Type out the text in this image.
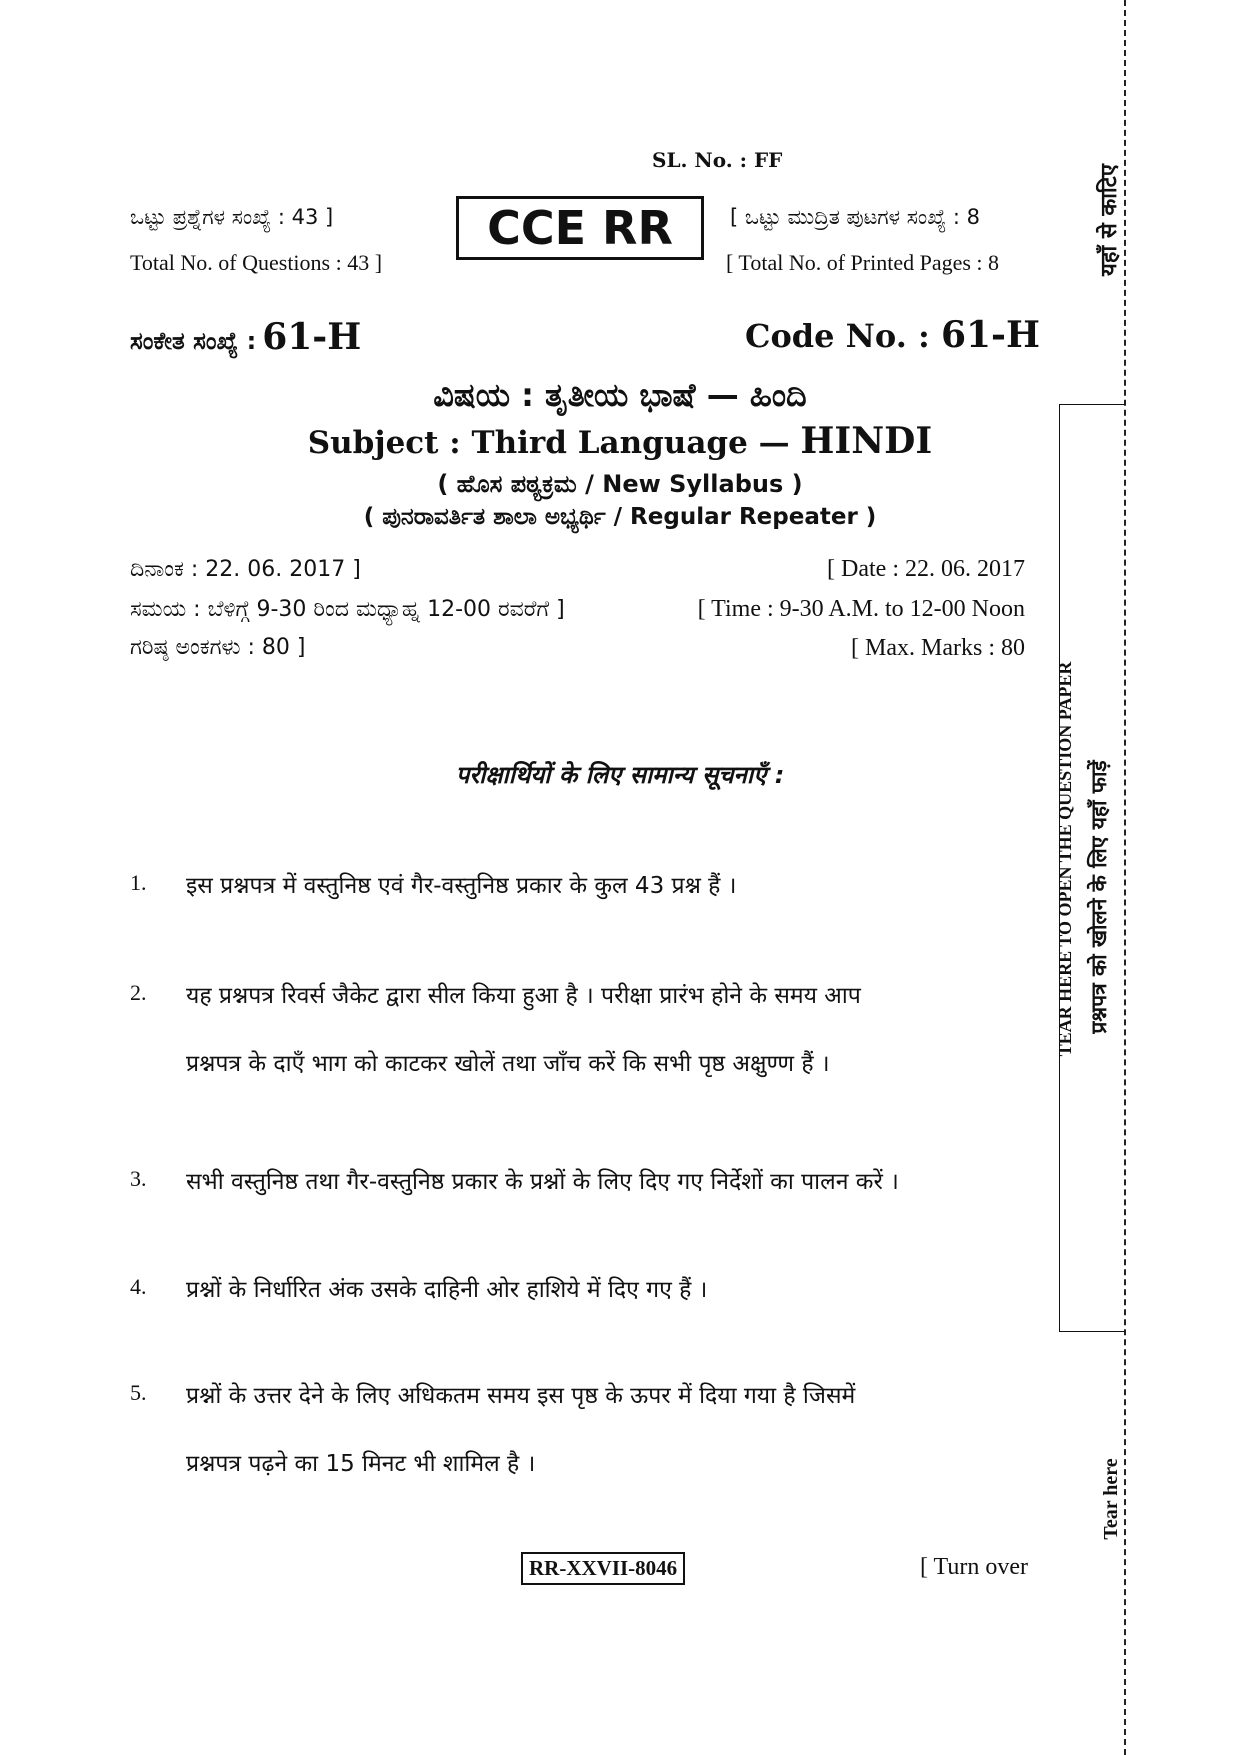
SL. No. : FF
ಒಟ್ಟು ಪ್ರಶ್ನೆಗಳ ಸಂಖ್ಯೆ : 43 ]
Total No. of Questions : 43 ]
CCE RR	[ ಒಟ್ಟು ಮುದ್ರಿತ ಪುಟಗಳ ಸಂಖ್ಯೆ : 8
[ Total No. of Printed Pages : 8
ಸಂಕೇತ ಸಂಖ್ಯೆ : 61-H	Code No. : 61-H
ವಿಷಯ : ತೃತೀಯ ಭಾಷೆ — ಹಿಂದಿ
Subject : Third Language — HINDI
( ಹೊಸ ಪಠ್ಯಕ್ರಮ / New Syllabus )
( ಪುನರಾವರ್ತಿತ ಶಾಲಾ ಅಭ್ಯರ್ಥಿ / Regular Repeater )
ದಿನಾಂಕ : 22. 06. 2017 ]	[ Date : 22. 06. 2017
ಸಮಯ : ಬೆಳಿಗ್ಗೆ 9-30 ರಿಂದ ಮಧ್ಯಾಹ್ನ 12-00 ರವರೆಗೆ ]	[ Time : 9-30 A.M. to 12-00 Noon
ಗರಿಷ್ಠ ಅಂಕಗಳು : 80 ]	[ Max. Marks : 80
परीक्षार्थियों के लिए सामान्य सूचनाएँ :
1. इस प्रश्नपत्र में वस्तुनिष्ठ एवं गैर-वस्तुनिष्ठ प्रकार के कुल 43 प्रश्न हैं ।
2. यह प्रश्नपत्र रिवर्स जैकेट द्वारा सील किया हुआ है । परीक्षा प्रारंभ होने के समय आप
प्रश्नपत्र के दाएँ भाग को काटकर खोलें तथा जाँच करें कि सभी पृष्ठ अक्षुण्ण हैं ।
3. सभी वस्तुनिष्ठ तथा गैर-वस्तुनिष्ठ प्रकार के प्रश्नों के लिए दिए गए निर्देशों का पालन करें ।
4. प्रश्नों के निर्धारित अंक उसके दाहिनी ओर हाशिये में दिए गए हैं ।
5. प्रश्नों के उत्तर देने के लिए अधिकतम समय इस पृष्ठ के ऊपर में दिया गया है जिसमें
प्रश्नपत्र पढ़ने का 15 मिनट भी शामिल है ।
RR-XXVII-8046	[ Turn over
यहाँ से काटिए
TEAR HERE TO OPEN THE QUESTION PAPER प्रश्नपत्र को खोलने के लिए यहाँ फाड़ें
Tear here
